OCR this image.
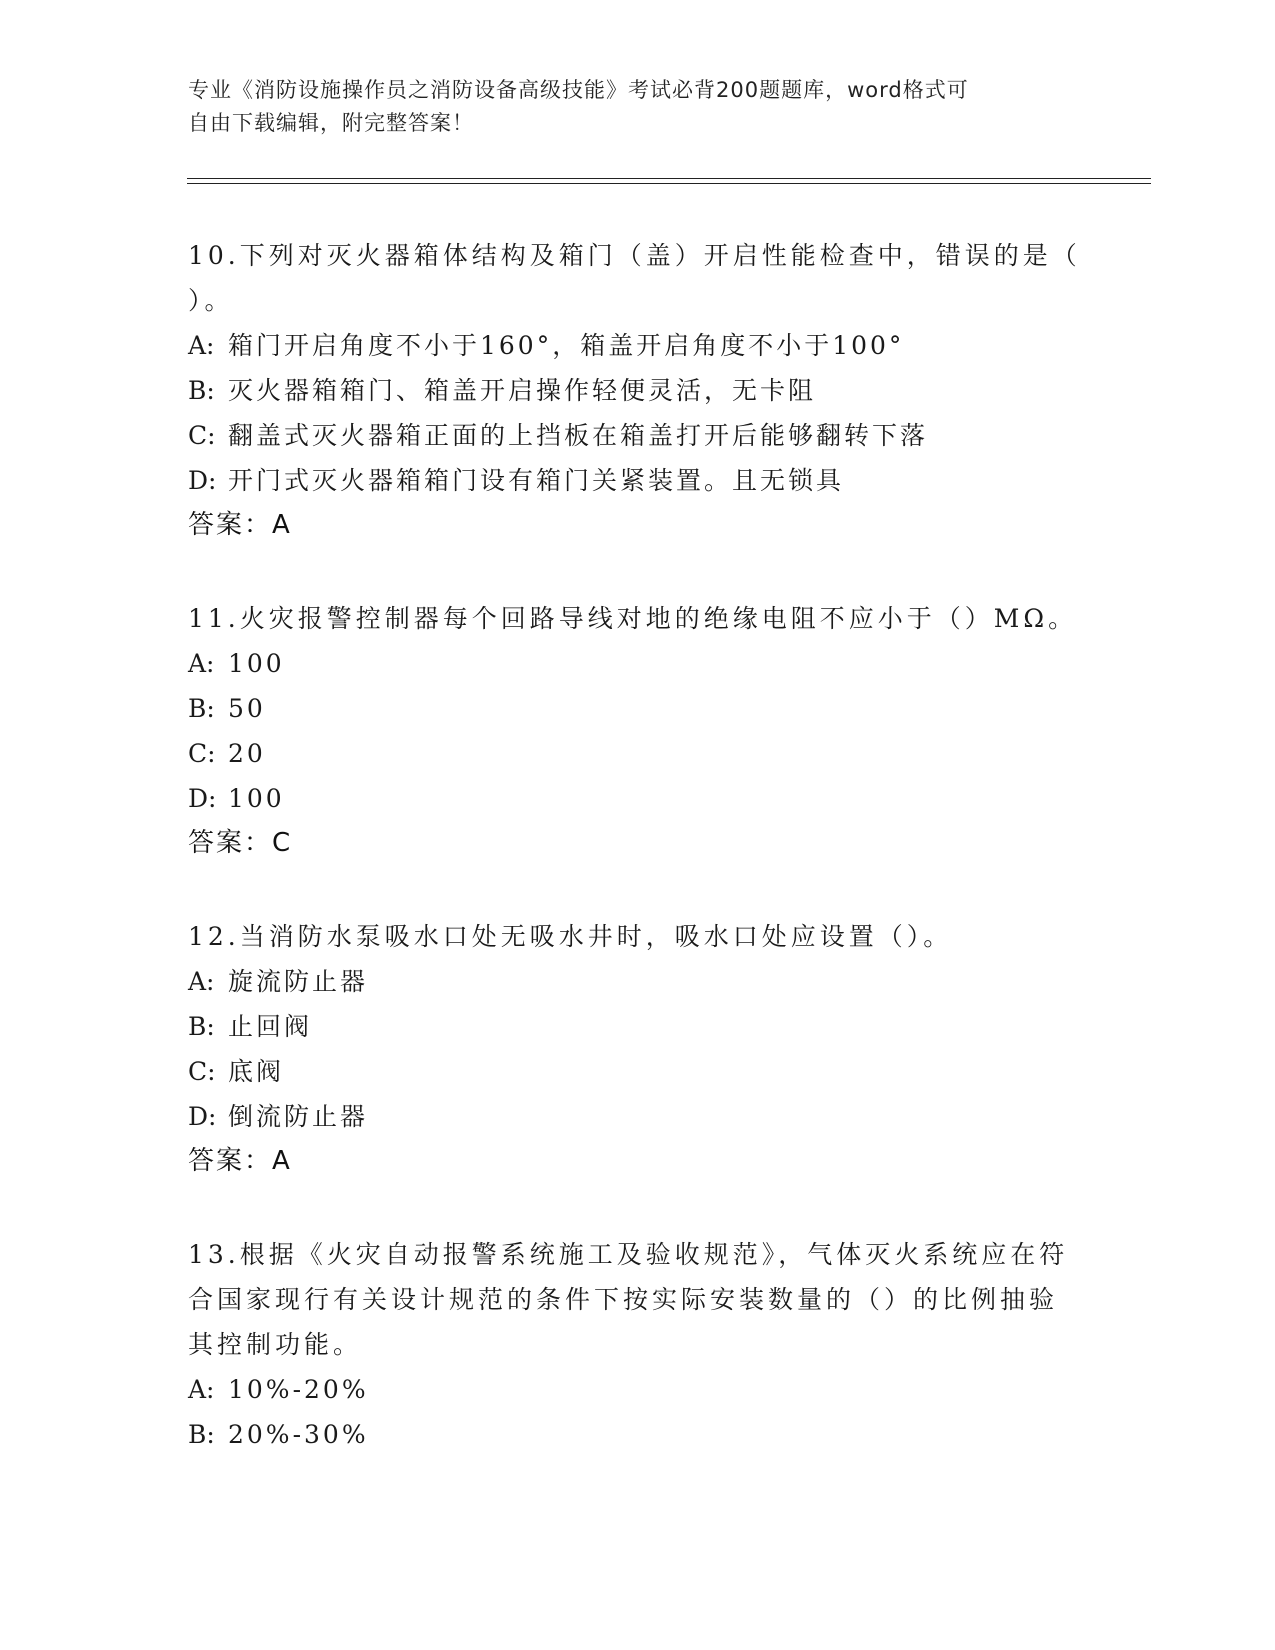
专业《消防设施操作员之消防设备高级技能》考试必背200题题库，word格式可
自由下载编辑，附完整答案！

10.下列对灭火器箱体结构及箱门（盖）开启性能检查中，错误的是（

）。

A: 箱门开启角度不小于160°，箱盖开启角度不小于100°

B: 灭火器箱箱门、箱盖开启操作轻便灵活，无卡阻

C: 翻盖式灭火器箱正面的上挡板在箱盖打开后能够翻转下落

D: 开门式灭火器箱箱门设有箱门关紧装置。且无锁具

答案：A

11.火灾报警控制器每个回路导线对地的绝缘电阻不应小于（）MΩ。

A: 100

B: 50

C: 20

D: 100

答案：C

12.当消防水泵吸水口处无吸水井时，吸水口处应设置（）。

A: 旋流防止器

B: 止回阀

C: 底阀

D: 倒流防止器

答案：A

13.根据《火灾自动报警系统施工及验收规范》，气体灭火系统应在符

合国家现行有关设计规范的条件下按实际安装数量的（）的比例抽验

其控制功能。

A: 10%-20%

B: 20%-30%
